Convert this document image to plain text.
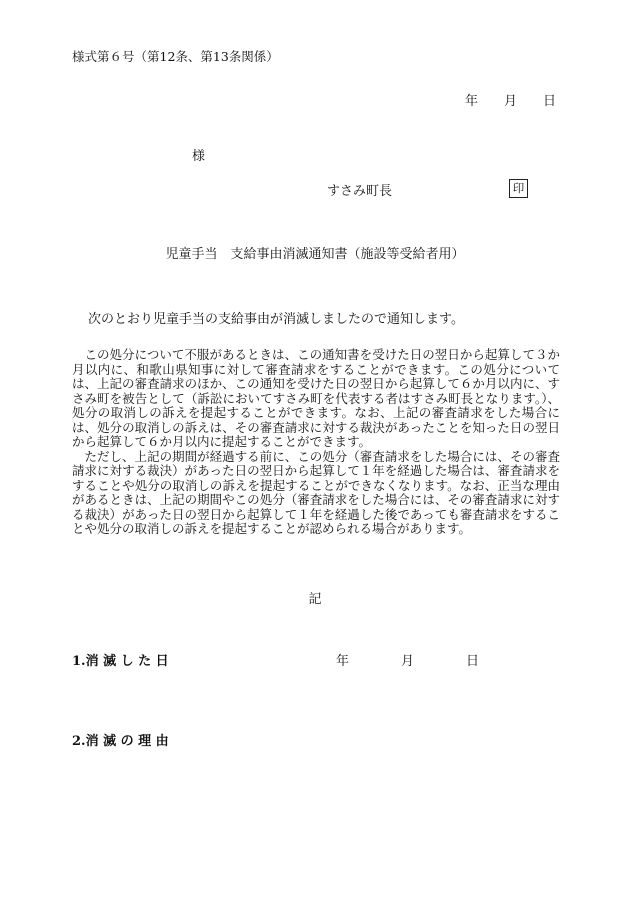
様式第６号（第12条、第13条関係）
年 月 日
様
すさみ町長	印
児童手当　支給事由消滅通知書（施設等受給者用）
次のとおり児童手当の支給事由が消滅しましたので通知します。

この処分について不服があるときは、この通知書を受けた日の翌日から起算して３か月以内に、和歌山県知事に対して審査請求をすることができます。この処分については、上記の審査請求のほか、この通知を受けた日の翌日から起算して６か月以内に、すさみ町を被告として（訴訟においてすさみ町を代表する者はすさみ町長となります。）、処分の取消しの訴えを提起することができます。なお、上記の審査請求をした場合には、処分の取消しの訴えは、その審査請求に対する裁決があったことを知った日の翌日から起算して６か月以内に提起することができます。

ただし、上記の期間が経過する前に、この処分（審査請求をした場合には、その審査請求に対する裁決）があった日の翌日から起算して１年を経過した場合は、審査請求をすることや処分の取消しの訴えを提起することができなくなります。なお、正当な理由があるときは、上記の期間やこの処分（審査請求をした場合には、その審査請求に対する裁決）があった日の翌日から起算して１年を経過した後であっても審査請求をすることや処分の取消しの訴えを提起することが認められる場合があります。

記
1.消 滅 し た 日	年	月	日
2.消 滅 の 理 由
